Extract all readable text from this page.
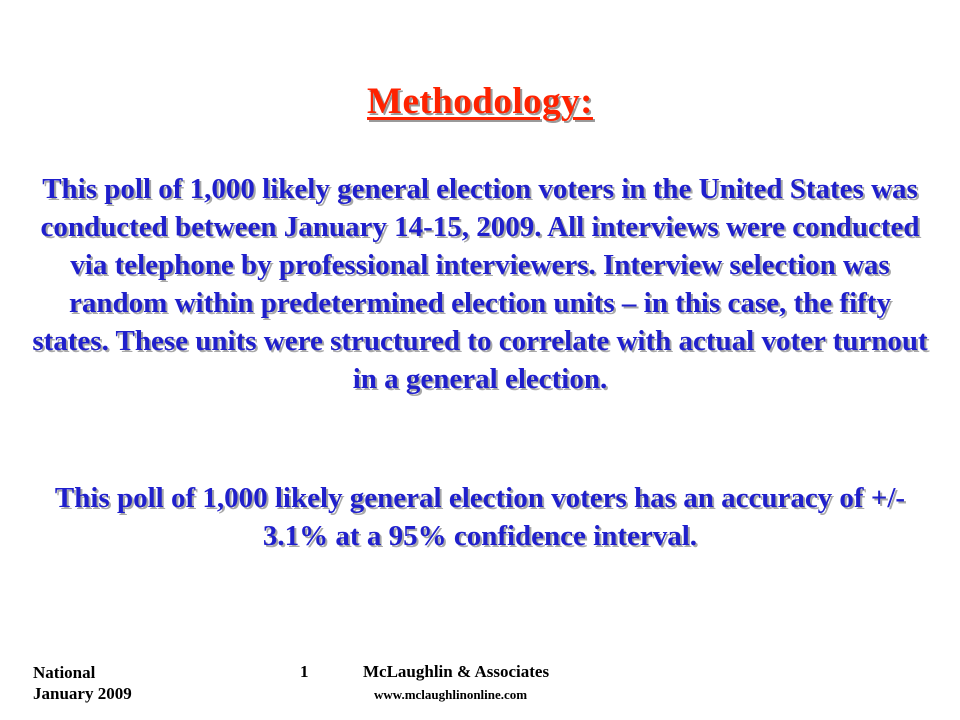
Methodology:
This poll of 1,000 likely general election voters in the United States was conducted between January 14-15, 2009. All interviews were conducted via telephone by professional interviewers. Interview selection was random within predetermined election units – in this case, the fifty states. These units were structured to correlate with actual voter turnout in a general election.
This poll of 1,000 likely general election voters has an accuracy of +/- 3.1% at a 95% confidence interval.
National
January 2009
1	McLaughlin & Associates
www.mclaughlinonline.com
